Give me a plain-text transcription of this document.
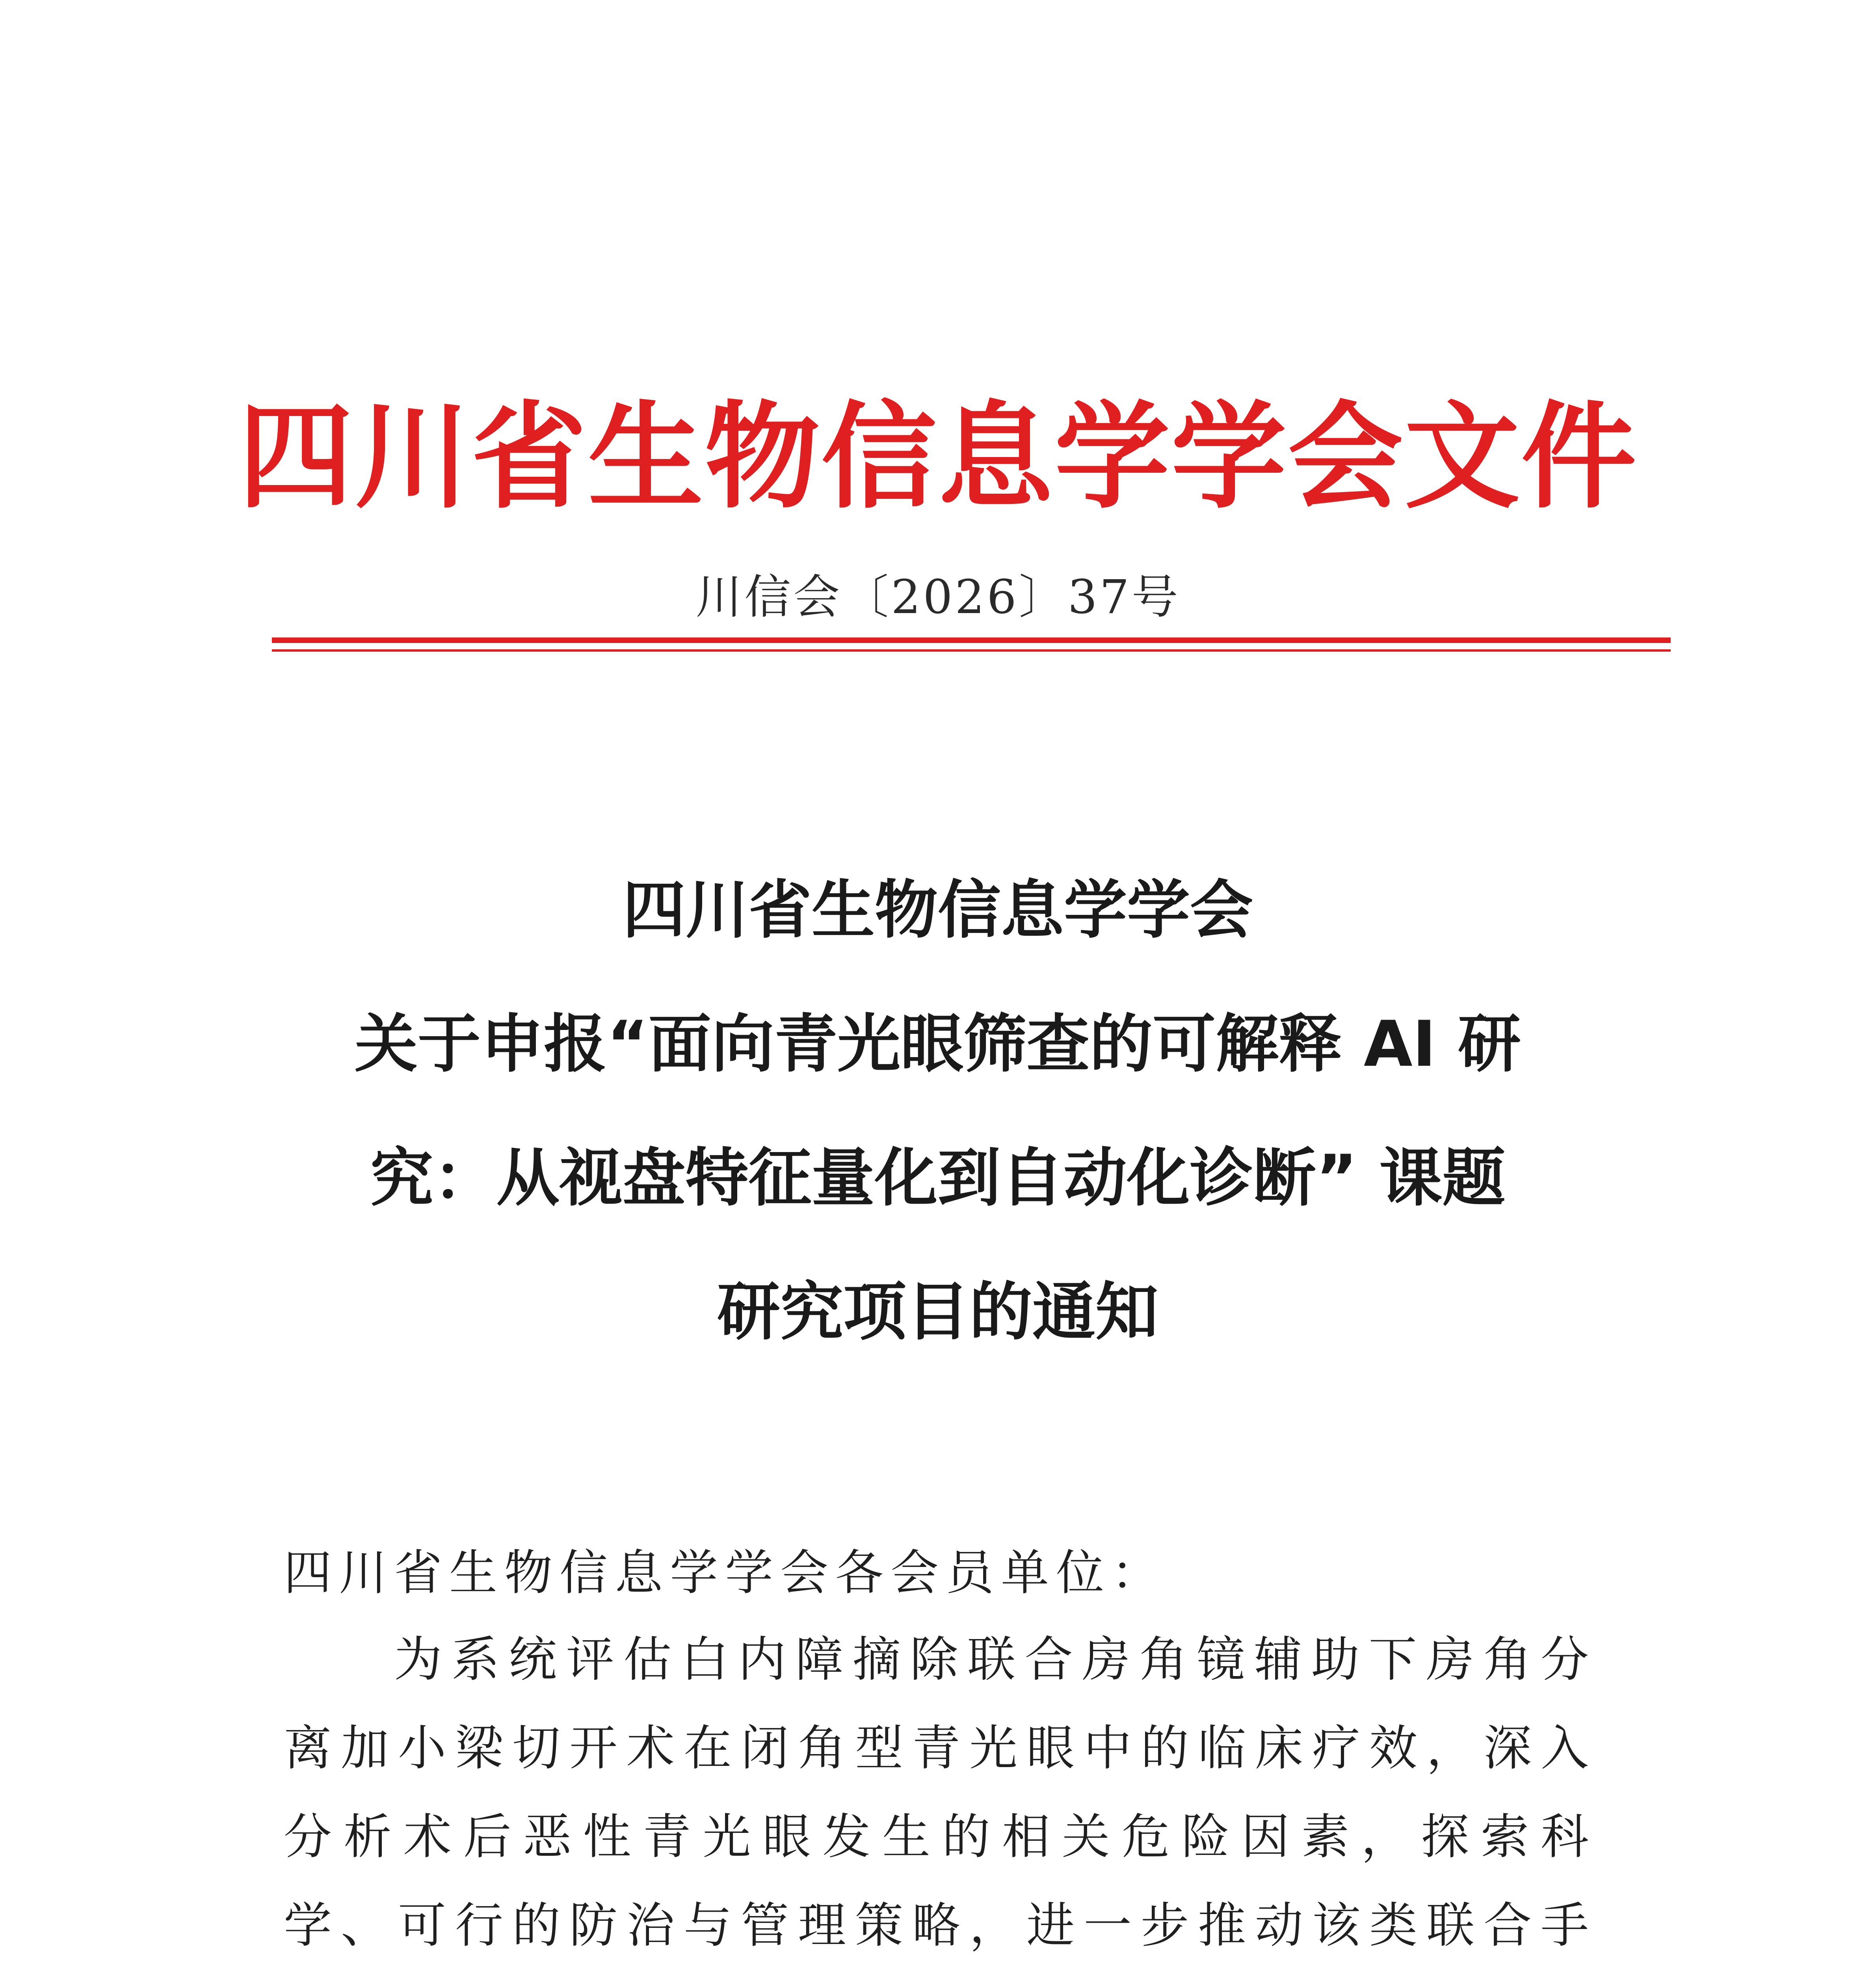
四川省生物信息学学会文件
川信会〔2026〕37号
四川省生物信息学学会
关于申报“面向青光眼筛查的可解释 AI 研
究：从视盘特征量化到自动化诊断” 课题
研究项目的通知
四川省生物信息学学会各会员单位：
为系统评估白内障摘除联合房角镜辅助下房角分离加小梁切开术在闭角型青光眼中的临床疗效，深入分析术后恶性青光眼发生的相关危险因素，探索科学、可行的防治与管理策略，进一步推动该类联合手
